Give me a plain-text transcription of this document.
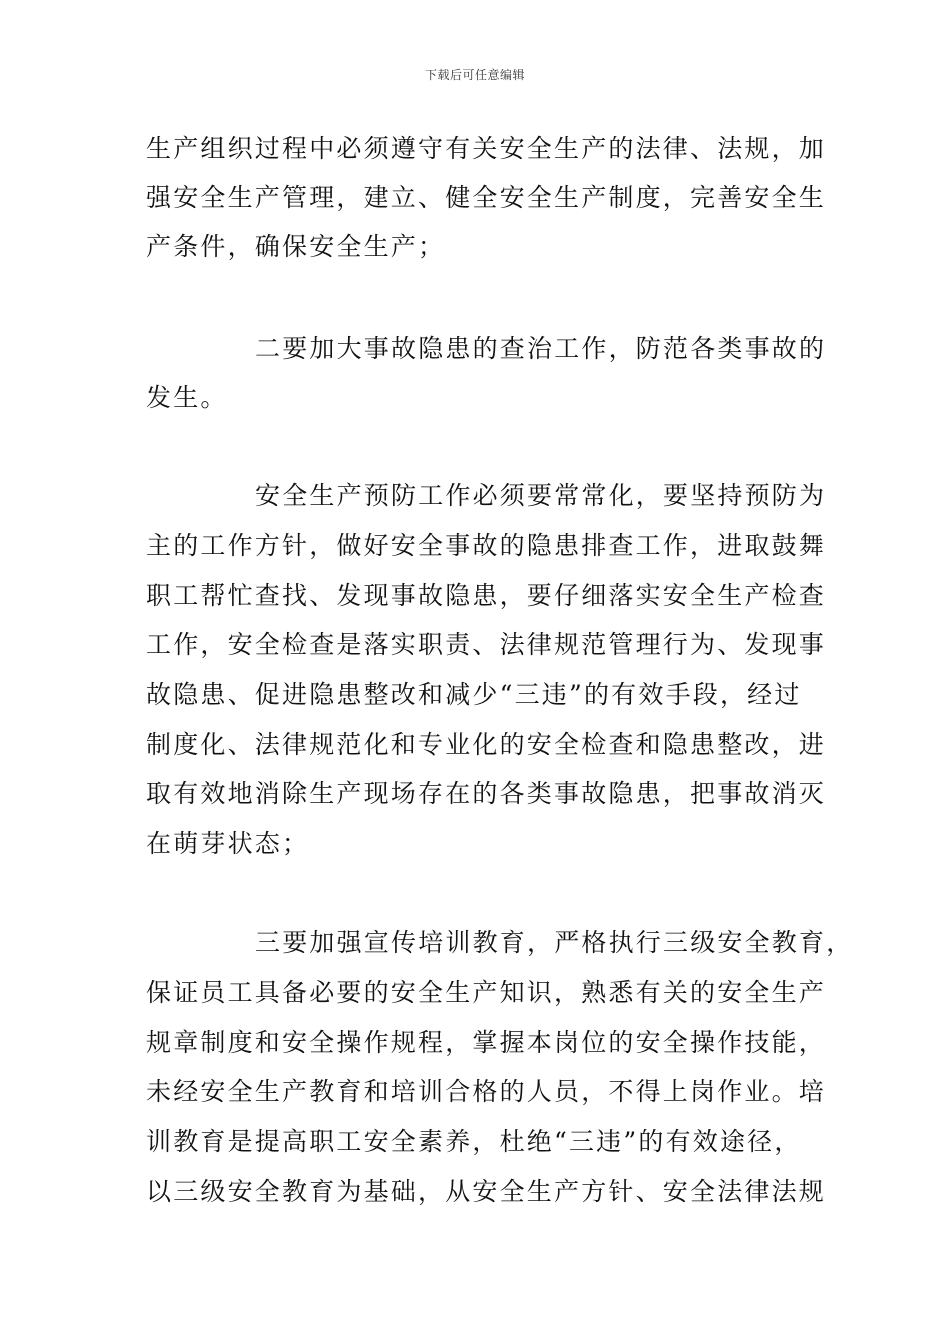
下载后可任意编辑
生产组织过程中必须遵守有关安全生产的法律、法规，加
强安全生产管理，建立、健全安全生产制度，完善安全生
产条件，确保安全生产；
二要加大事故隐患的查治工作，防范各类事故的
发生。
安全生产预防工作必须要常常化，要坚持预防为
主的工作方针，做好安全事故的隐患排查工作，进取鼓舞
职工帮忙查找、发现事故隐患，要仔细落实安全生产检查
工作，安全检查是落实职责、法律规范管理行为、发现事
故隐患、促进隐患整改和减少“三违”的有效手段，经过
制度化、法律规范化和专业化的安全检查和隐患整改，进
取有效地消除生产现场存在的各类事故隐患，把事故消灭
在萌芽状态；
三要加强宣传培训教育，严格执行三级安全教育，
保证员工具备必要的安全生产知识，熟悉有关的安全生产
规章制度和安全操作规程，掌握本岗位的安全操作技能，
未经安全生产教育和培训合格的人员，不得上岗作业。培
训教育是提高职工安全素养，杜绝“三违”的有效途径，
以三级安全教育为基础，从安全生产方针、安全法律法规
